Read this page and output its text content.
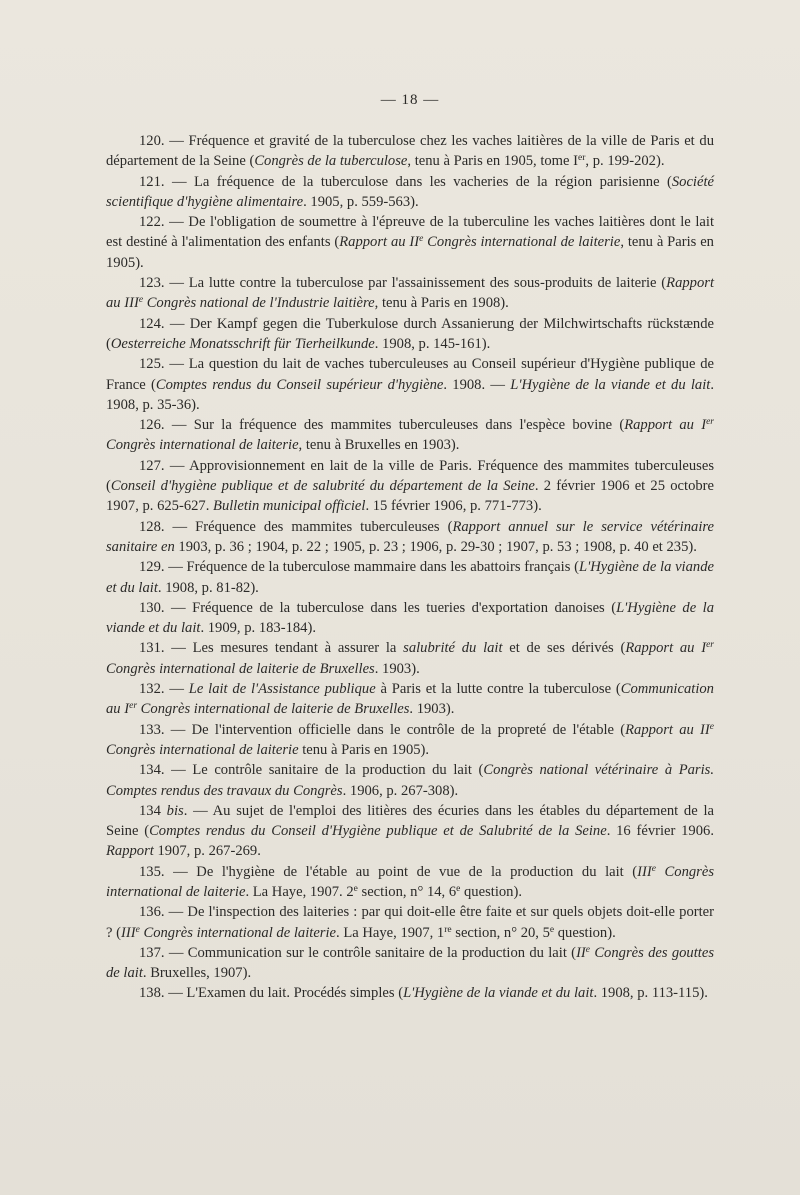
— 18 —

120. — Fréquence et gravité de la tuberculose chez les vaches laitières de la ville de Paris et du département de la Seine (Congrès de la tuberculose, tenu à Paris en 1905, tome Ier, p. 199-202).

121. — La fréquence de la tuberculose dans les vacheries de la région parisienne (Société scientifique d'hygiène alimentaire. 1905, p. 559-563).

122. — De l'obligation de soumettre à l'épreuve de la tuberculine les vaches laitières dont le lait est destiné à l'alimentation des enfants (Rapport au IIe Congrès international de laiterie, tenu à Paris en 1905).

123. — La lutte contre la tuberculose par l'assainissement des sous-produits de laiterie (Rapport au IIIe Congrès national de l'Industrie laitière, tenu à Paris en 1908).

124. — Der Kampf gegen die Tuberkulose durch Assanierung der Milchwirtschafts rückstænde (Oesterreiche Monatsschrift für Tierheilkunde. 1908, p. 145-161).

125. — La question du lait de vaches tuberculeuses au Conseil supérieur d'Hygiène publique de France (Comptes rendus du Conseil supérieur d'hygiène. 1908. — L'Hygiène de la viande et du lait. 1908, p. 35-36).

126. — Sur la fréquence des mammites tuberculeuses dans l'espèce bovine (Rapport au Ier Congrès international de laiterie, tenu à Bruxelles en 1903).

127. — Approvisionnement en lait de la ville de Paris. Fréquence des mammites tuberculeuses (Conseil d'hygiène publique et de salubrité du département de la Seine. 2 février 1906 et 25 octobre 1907, p. 625-627. Bulletin municipal officiel. 15 février 1906, p. 771-773).

128. — Fréquence des mammites tuberculeuses (Rapport annuel sur le service vétérinaire sanitaire en 1903, p. 36 ; 1904, p. 22 ; 1905, p. 23 ; 1906, p. 29-30 ; 1907, p. 53 ; 1908, p. 40 et 235).

129. — Fréquence de la tuberculose mammaire dans les abattoirs français (L'Hygiène de la viande et du lait. 1908, p. 81-82).

130. — Fréquence de la tuberculose dans les tueries d'exportation danoises (L'Hygiène de la viande et du lait. 1909, p. 183-184).

131. — Les mesures tendant à assurer la salubrité du lait et de ses dérivés (Rapport au Ier Congrès international de laiterie de Bruxelles. 1903).

132. — Le lait de l'Assistance publique à Paris et la lutte contre la tuberculose (Communication au Ier Congrès international de laiterie de Bruxelles. 1903).

133. — De l'intervention officielle dans le contrôle de la propreté de l'étable (Rapport au IIe Congrès international de laiterie tenu à Paris en 1905).

134. — Le contrôle sanitaire de la production du lait (Congrès national vétérinaire à Paris. Comptes rendus des travaux du Congrès. 1906, p. 267-308).

134 bis. — Au sujet de l'emploi des litières des écuries dans les étables du département de la Seine (Comptes rendus du Conseil d'Hygiène publique et de Salubrité de la Seine. 16 février 1906. Rapport 1907, p. 267-269.

135. — De l'hygiène de l'étable au point de vue de la production du lait (IIIe Congrès international de laiterie. La Haye, 1907. 2e section, n° 14, 6e question).

136. — De l'inspection des laiteries : par qui doit-elle être faite et sur quels objets doit-elle porter ? (IIIe Congrès international de laiterie. La Haye, 1907, 1re section, n° 20, 5e question).

137. — Communication sur le contrôle sanitaire de la production du lait (IIe Congrès des gouttes de lait. Bruxelles, 1907).

138. — L'Examen du lait. Procédés simples (L'Hygiène de la viande et du lait. 1908, p. 113-115).
